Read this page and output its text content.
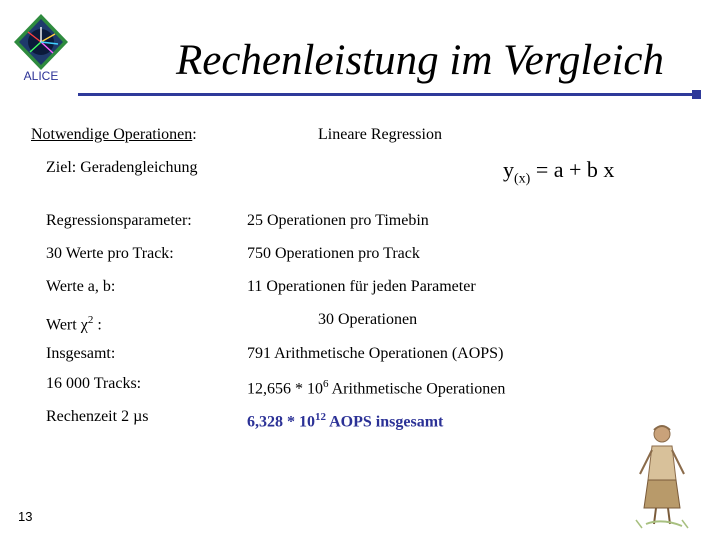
ALICE	Rechenleistung im Vergleich
Notwendige Operationen:	Lineare Regression
Ziel: Geradengleichung	$y_{(x)} = a + b$ x
Regressionsparameter:	25 Operationen pro Timebin
30 Werte pro Track:	750 Operationen pro Track
Werte a, b:	11 Operationen für jeden Parameter
Wert $\chi^2$ :	30 Operationen
Insgesamt:	791 Arithmetische Operationen (AOPS)
16 000 Tracks:	$12,656 * 10^6$ Arithmetische Operationen
Rechenzeit 2 µs	$6,328 * 10^{12}$ AOPS insgesamt
13
